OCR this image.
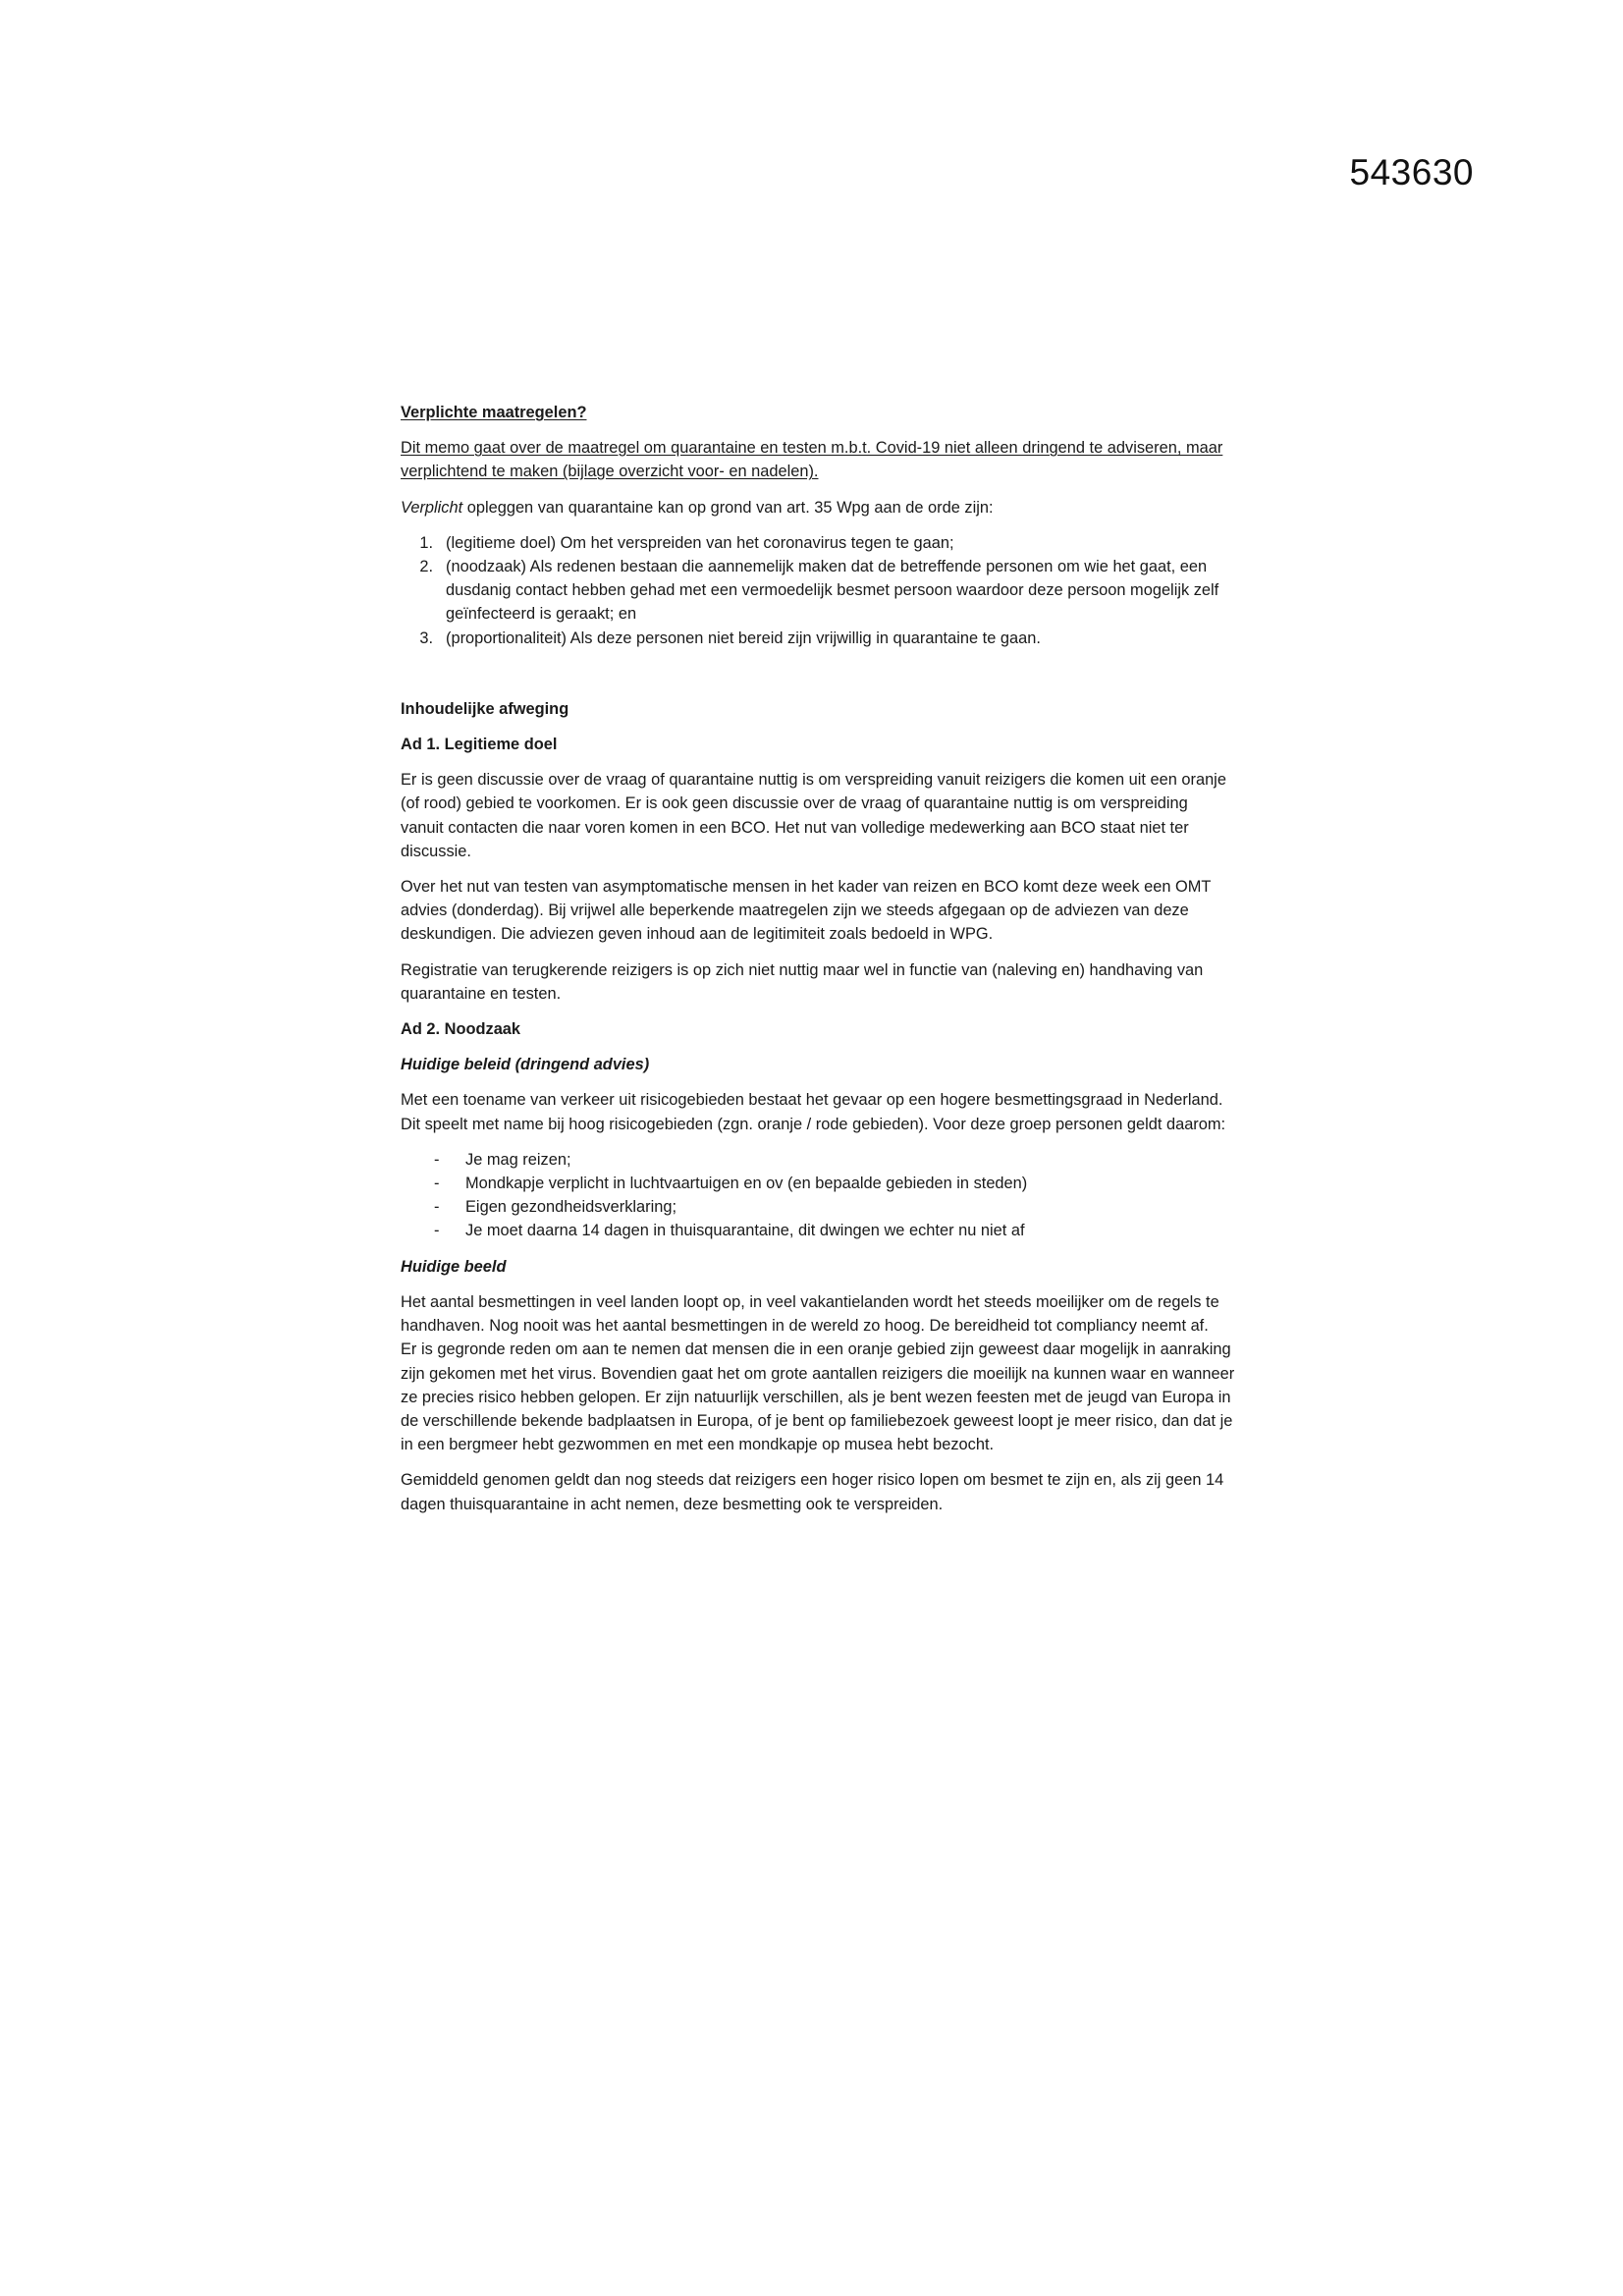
543630

Verplichte maatregelen?

Dit memo gaat over de maatregel om quarantaine en testen m.b.t. Covid-19 niet alleen dringend te adviseren, maar verplichtend te maken (bijlage overzicht voor- en nadelen).

Verplicht opleggen van quarantaine kan op grond van art. 35 Wpg aan de orde zijn:

1. (legitieme doel) Om het verspreiden van het coronavirus tegen te gaan;
2. (noodzaak) Als redenen bestaan die aannemelijk maken dat de betreffende personen om wie het gaat, een dusdanig contact hebben gehad met een vermoedelijk besmet persoon waardoor deze persoon mogelijk zelf geïnfecteerd is geraakt; en
3. (proportionaliteit) Als deze personen niet bereid zijn vrijwillig in quarantaine te gaan.

Inhoudelijke afweging

Ad 1. Legitieme doel

Er is geen discussie over de vraag of quarantaine nuttig is om verspreiding vanuit reizigers die komen uit een oranje (of rood) gebied te voorkomen. Er is ook geen discussie over de vraag of quarantaine nuttig is om verspreiding vanuit contacten die naar voren komen in een BCO. Het nut van volledige medewerking aan BCO staat niet ter discussie.

Over het nut van testen van asymptomatische mensen in het kader van reizen en BCO komt deze week een OMT advies (donderdag). Bij vrijwel alle beperkende maatregelen zijn we steeds afgegaan op de adviezen van deze deskundigen. Die adviezen geven inhoud aan de legitimiteit zoals bedoeld in WPG.

Registratie van terugkerende reizigers is op zich niet nuttig maar wel in functie van (naleving en) handhaving van quarantaine en testen.

Ad 2. Noodzaak

Huidige beleid (dringend advies)

Met een toename van verkeer uit risicogebieden bestaat het gevaar op een hogere besmettingsgraad in Nederland. Dit speelt met name bij hoog risicogebieden (zgn. oranje / rode gebieden). Voor deze groep personen geldt daarom:

- Je mag reizen;
- Mondkapje verplicht in luchtvaartuigen en ov (en bepaalde gebieden in steden)
- Eigen gezondheidsverklaring;
- Je moet daarna 14 dagen in thuisquarantaine, dit dwingen we echter nu niet af

Huidige beeld

Het aantal besmettingen in veel landen loopt op, in veel vakantielanden wordt het steeds moeilijker om de regels te handhaven. Nog nooit was het aantal besmettingen in de wereld zo hoog. De bereidheid tot compliancy neemt af.

Er is gegronde reden om aan te nemen dat mensen die in een oranje gebied zijn geweest daar mogelijk in aanraking zijn gekomen met het virus. Bovendien gaat het om grote aantallen reizigers die moeilijk na kunnen waar en wanneer ze precies risico hebben gelopen. Er zijn natuurlijk verschillen, als je bent wezen feesten met de jeugd van Europa in de verschillende bekende badplaatsen in Europa, of je bent op familiebezoek geweest loopt je meer risico, dan dat je in een bergmeer hebt gezwommen en met een mondkapje op musea hebt bezocht.

Gemiddeld genomen geldt dan nog steeds dat reizigers een hoger risico lopen om besmet te zijn en, als zij geen 14 dagen thuisquarantaine in acht nemen, deze besmetting ook te verspreiden.
